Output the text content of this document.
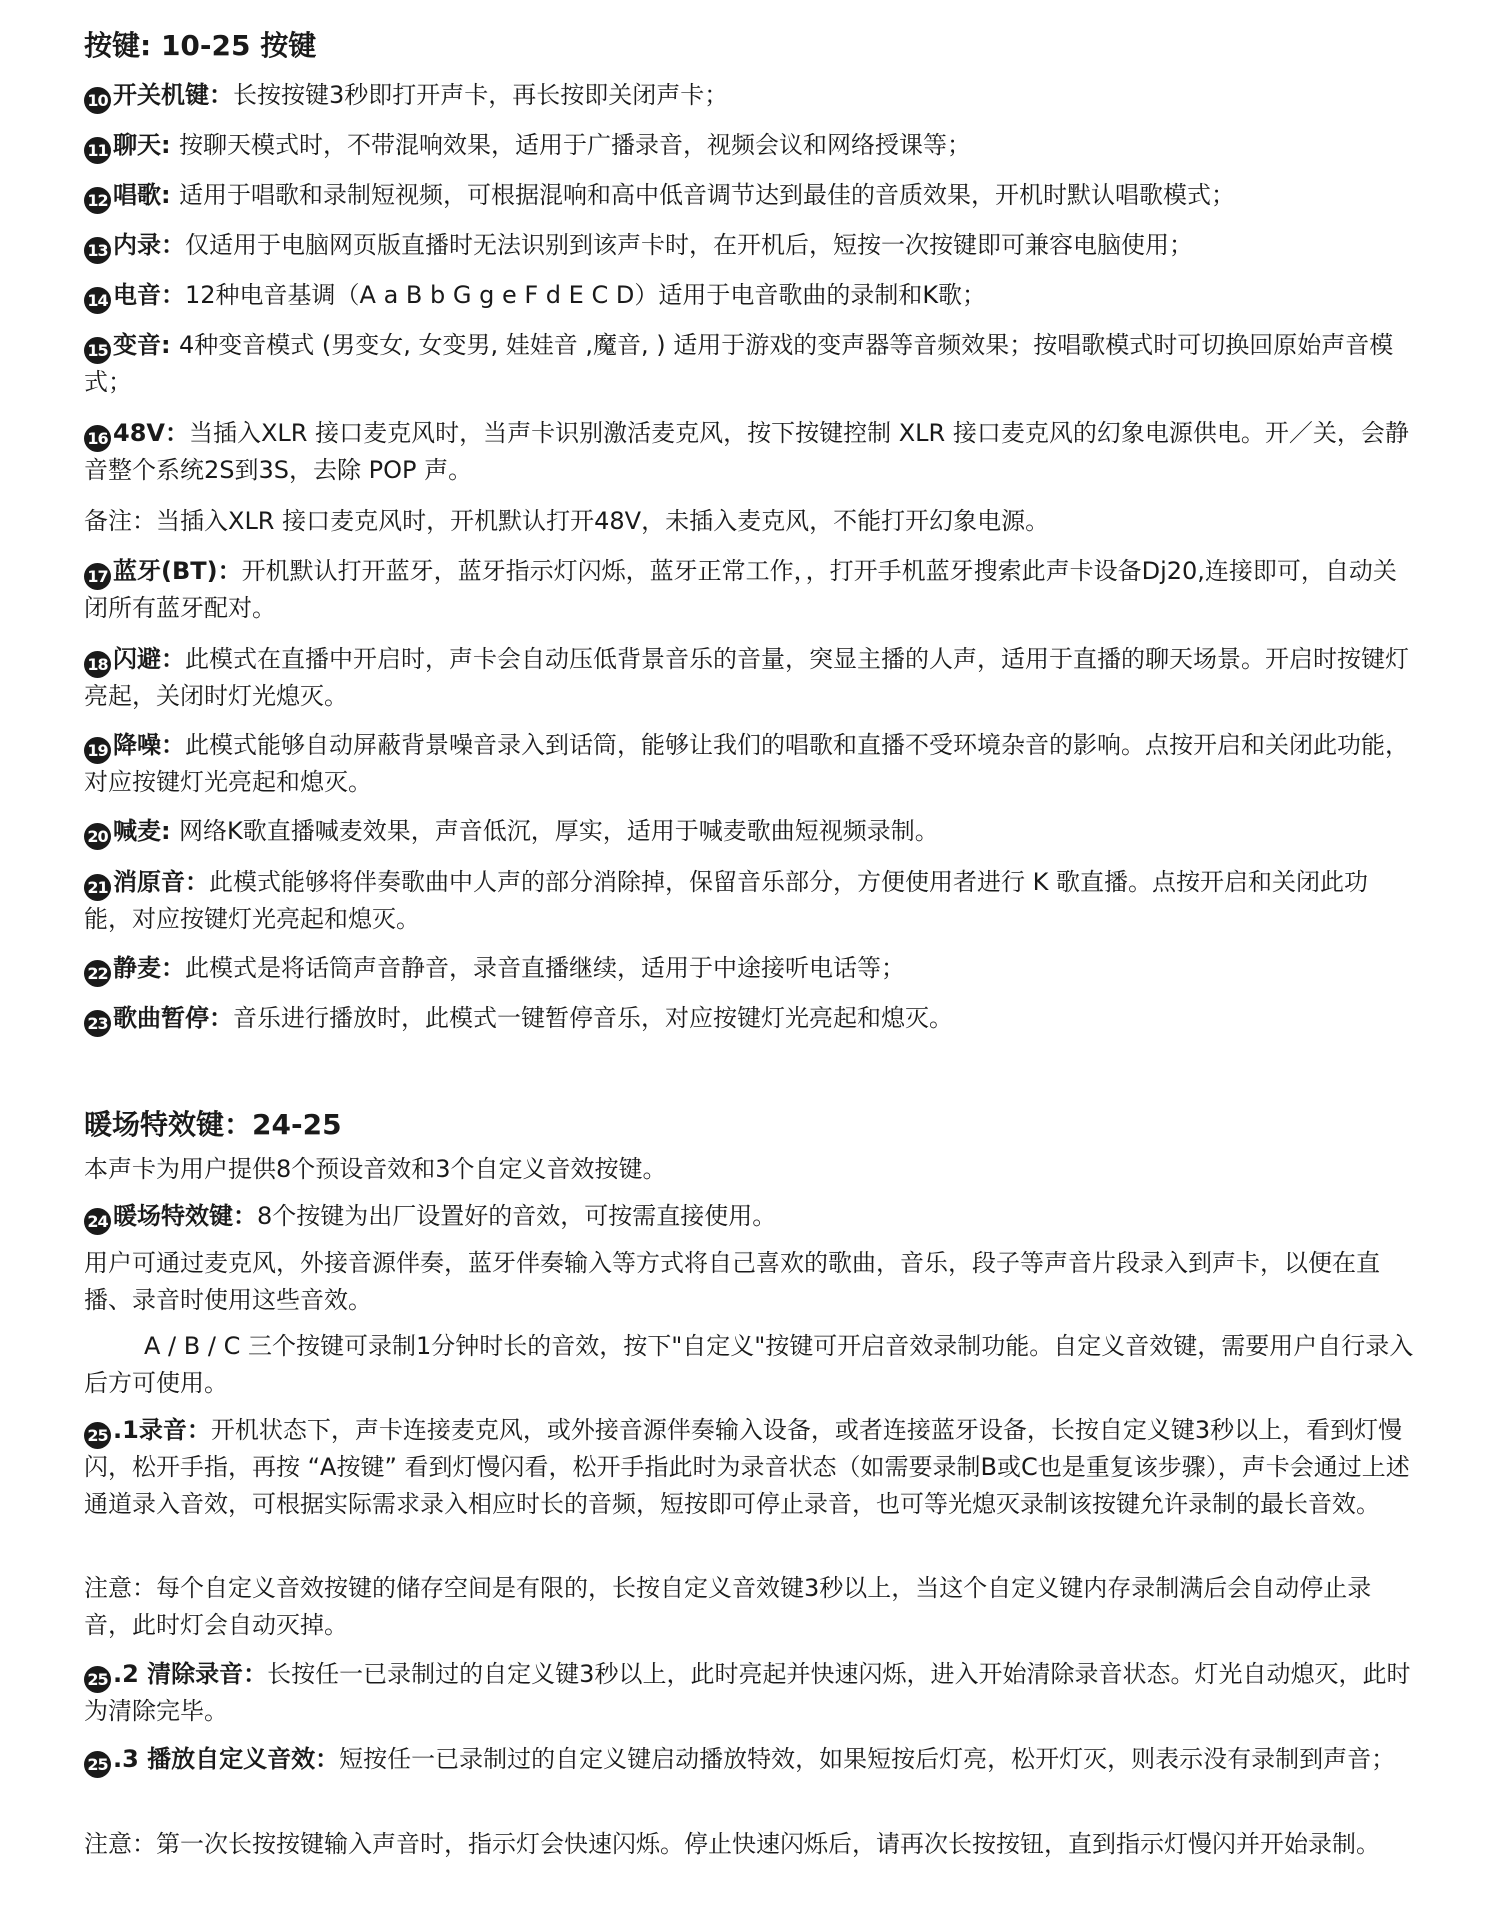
按键: 10-25 按键
10 开关机键：长按按键3秒即打开声卡，再长按即关闭声卡；
11 聊天: 按聊天模式时，不带混响效果，适用于广播录音，视频会议和网络授课等；
12 唱歌: 适用于唱歌和录制短视频，可根据混响和高中低音调节达到最佳的音质效果，开机时默认唱歌模式；
13 内录：仅适用于电脑网页版直播时无法识别到该声卡时，在开机后，短按一次按键即可兼容电脑使用；
14 电音：12种电音基调（A a B b G g e F d E C D）适用于电音歌曲的录制和K歌；
15 变音: 4种变音模式 (男变女, 女变男, 娃娃音 ,魔音, ) 适用于游戏的变声器等音频效果；按唱歌模式时可切换回原始声音模式；
16 48V：当插入XLR 接口麦克风时，当声卡识别激活麦克风，按下按键控制 XLR 接口麦克风的幻象电源供电。开／关，会静音整个系统2S到3S，去除 POP 声。
备注：当插入XLR 接口麦克风时，开机默认打开48V，未插入麦克风，不能打开幻象电源。
17 蓝牙(BT)：开机默认打开蓝牙，蓝牙指示灯闪烁，蓝牙正常工作，，打开手机蓝牙搜索此声卡设备Dj20,连接即可，自动关闭所有蓝牙配对。
18 闪避：此模式在直播中开启时，声卡会自动压低背景音乐的音量，突显主播的人声，适用于直播的聊天场景。开启时按键灯亮起，关闭时灯光熄灭。
19 降噪：此模式能够自动屏蔽背景噪音录入到话筒，能够让我们的唱歌和直播不受环境杂音的影响。点按开启和关闭此功能，对应按键灯光亮起和熄灭。
20 喊麦: 网络K歌直播喊麦效果，声音低沉，厚实，适用于喊麦歌曲短视频录制。
21 消原音：此模式能够将伴奏歌曲中人声的部分消除掉，保留音乐部分，方便使用者进行 K 歌直播。点按开启和关闭此功能，对应按键灯光亮起和熄灭。
22 静麦：此模式是将话筒声音静音，录音直播继续，适用于中途接听电话等；
23 歌曲暂停：音乐进行播放时，此模式一键暂停音乐，对应按键灯光亮起和熄灭。
暖场特效键：24-25
本声卡为用户提供8个预设音效和3个自定义音效按键。
24 暖场特效键：8个按键为出厂设置好的音效，可按需直接使用。
用户可通过麦克风，外接音源伴奏，蓝牙伴奏输入等方式将自己喜欢的歌曲，音乐，段子等声音片段录入到声卡，以便在直播、录音时使用这些音效。
A / B / C 三个按键可录制1分钟时长的音效，按下"自定义"按键可开启音效录制功能。自定义音效键，需要用户自行录入后方可使用。
25 .1录音：开机状态下，声卡连接麦克风，或外接音源伴奏输入设备，或者连接蓝牙设备，长按自定义键3秒以上，看到灯慢闪，松开手指，再按 “A按键” 看到灯慢闪看，松开手指此时为录音状态（如需要录制B或C也是重复该步骤），声卡会通过上述通道录入音效，可根据实际需求录入相应时长的音频，短按即可停止录音，也可等光熄灭录制该按键允许录制的最长音效。
注意：每个自定义音效按键的储存空间是有限的，长按自定义音效键3秒以上，当这个自定义键内存录制满后会自动停止录音，此时灯会自动灭掉。
25 .2 清除录音：长按任一已录制过的自定义键3秒以上，此时亮起并快速闪烁，进入开始清除录音状态。灯光自动熄灭，此时为清除完毕。
25 .3 播放自定义音效：短按任一已录制过的自定义键启动播放特效，如果短按后灯亮，松开灯灭，则表示没有录制到声音；
注意：第一次长按按键输入声音时，指示灯会快速闪烁。停止快速闪烁后，请再次长按按钮，直到指示灯慢闪并开始录制。
